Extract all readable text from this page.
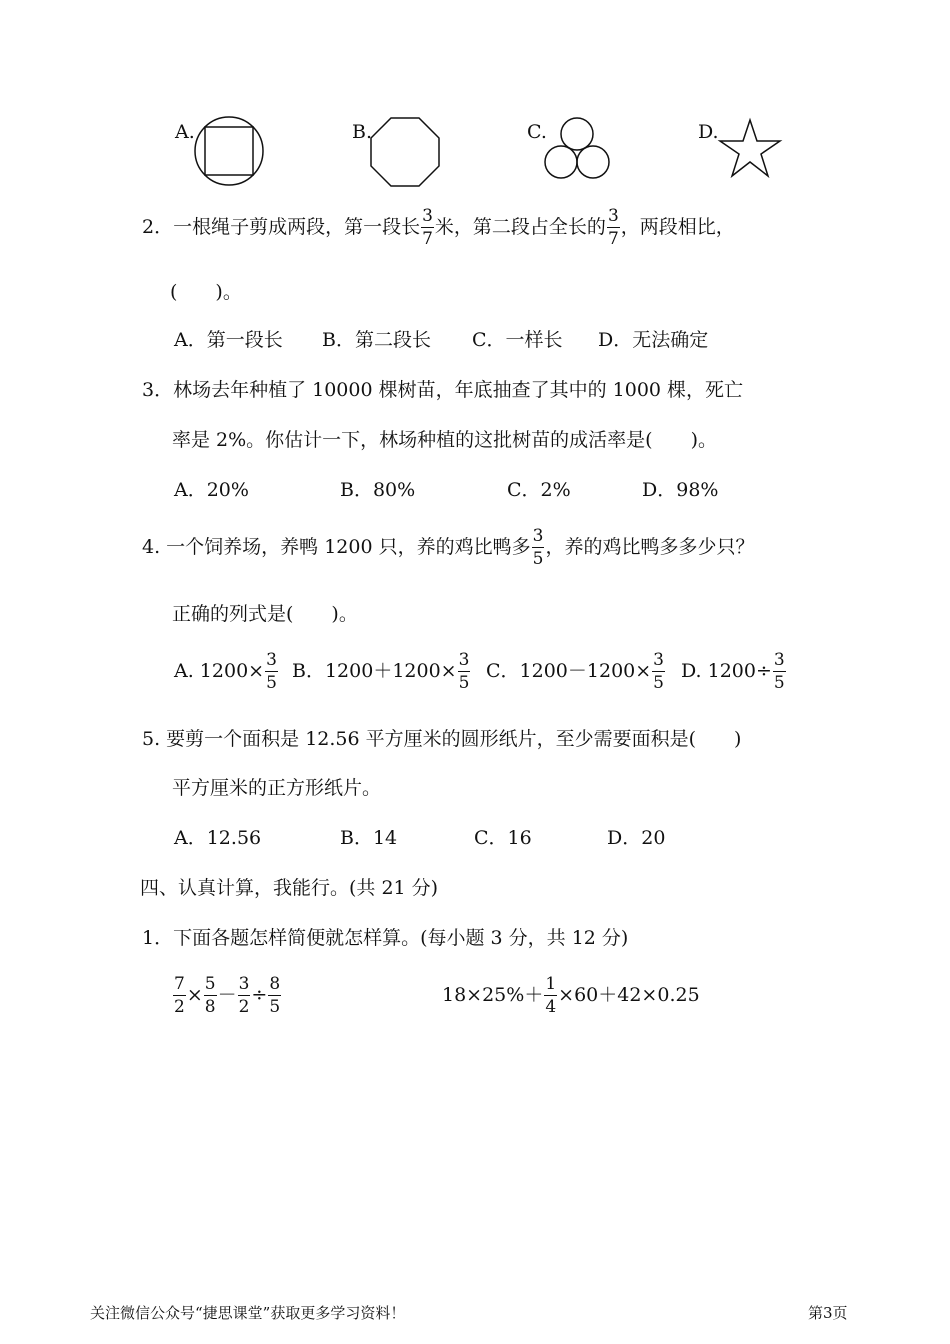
A.	B.	C.	D.
2．一根绳子剪成两段，第一段长 $\frac{3}{7}$ 米，第二段占全长的 $\frac{3}{7}$ ，两段相比，
(　　)。
A．第一段长 B．第二段长 C．一样长 D．无法确定
3．林场去年种植了 10000 棵树苗，年底抽查了其中的 1000 棵，死亡
率是 2%。你估计一下，林场种植的这批树苗的成活率是(　　)。
A．20%	B．80%	C．2%	D．98%
4. 一个饲养场，养鸭 1200 只，养的鸡比鸭多 $\frac{3}{5}$ ，养的鸡比鸭多多少只？
正确的列式是(　　)。
A. $1200\times \frac{3}{5}$ B．$1200+1200\times \frac{3}{5}$ C．$1200-1200\times \frac{3}{5} D$. $1200\div \frac{3}{5}$
5. 要剪一个面积是 12.56 平方厘米的圆形纸片，至少需要面积是(　　)
平方厘米的正方形纸片。
A．12.56	B．14	C．16	D．20
四、认真计算，我能行。(共 21 分)
1．下面各题怎样简便就怎样算。(每小题 3 分，共 12 分)
$\frac{7}{2} \times \frac{5}{8} - \frac{3}{2} \div \frac{8}{5}$	$18\times 25\%+ \frac{1}{4} \times 60+42\times 0.25$
关注微信公众号“捷思课堂”获取更多学习资料！	第3页
